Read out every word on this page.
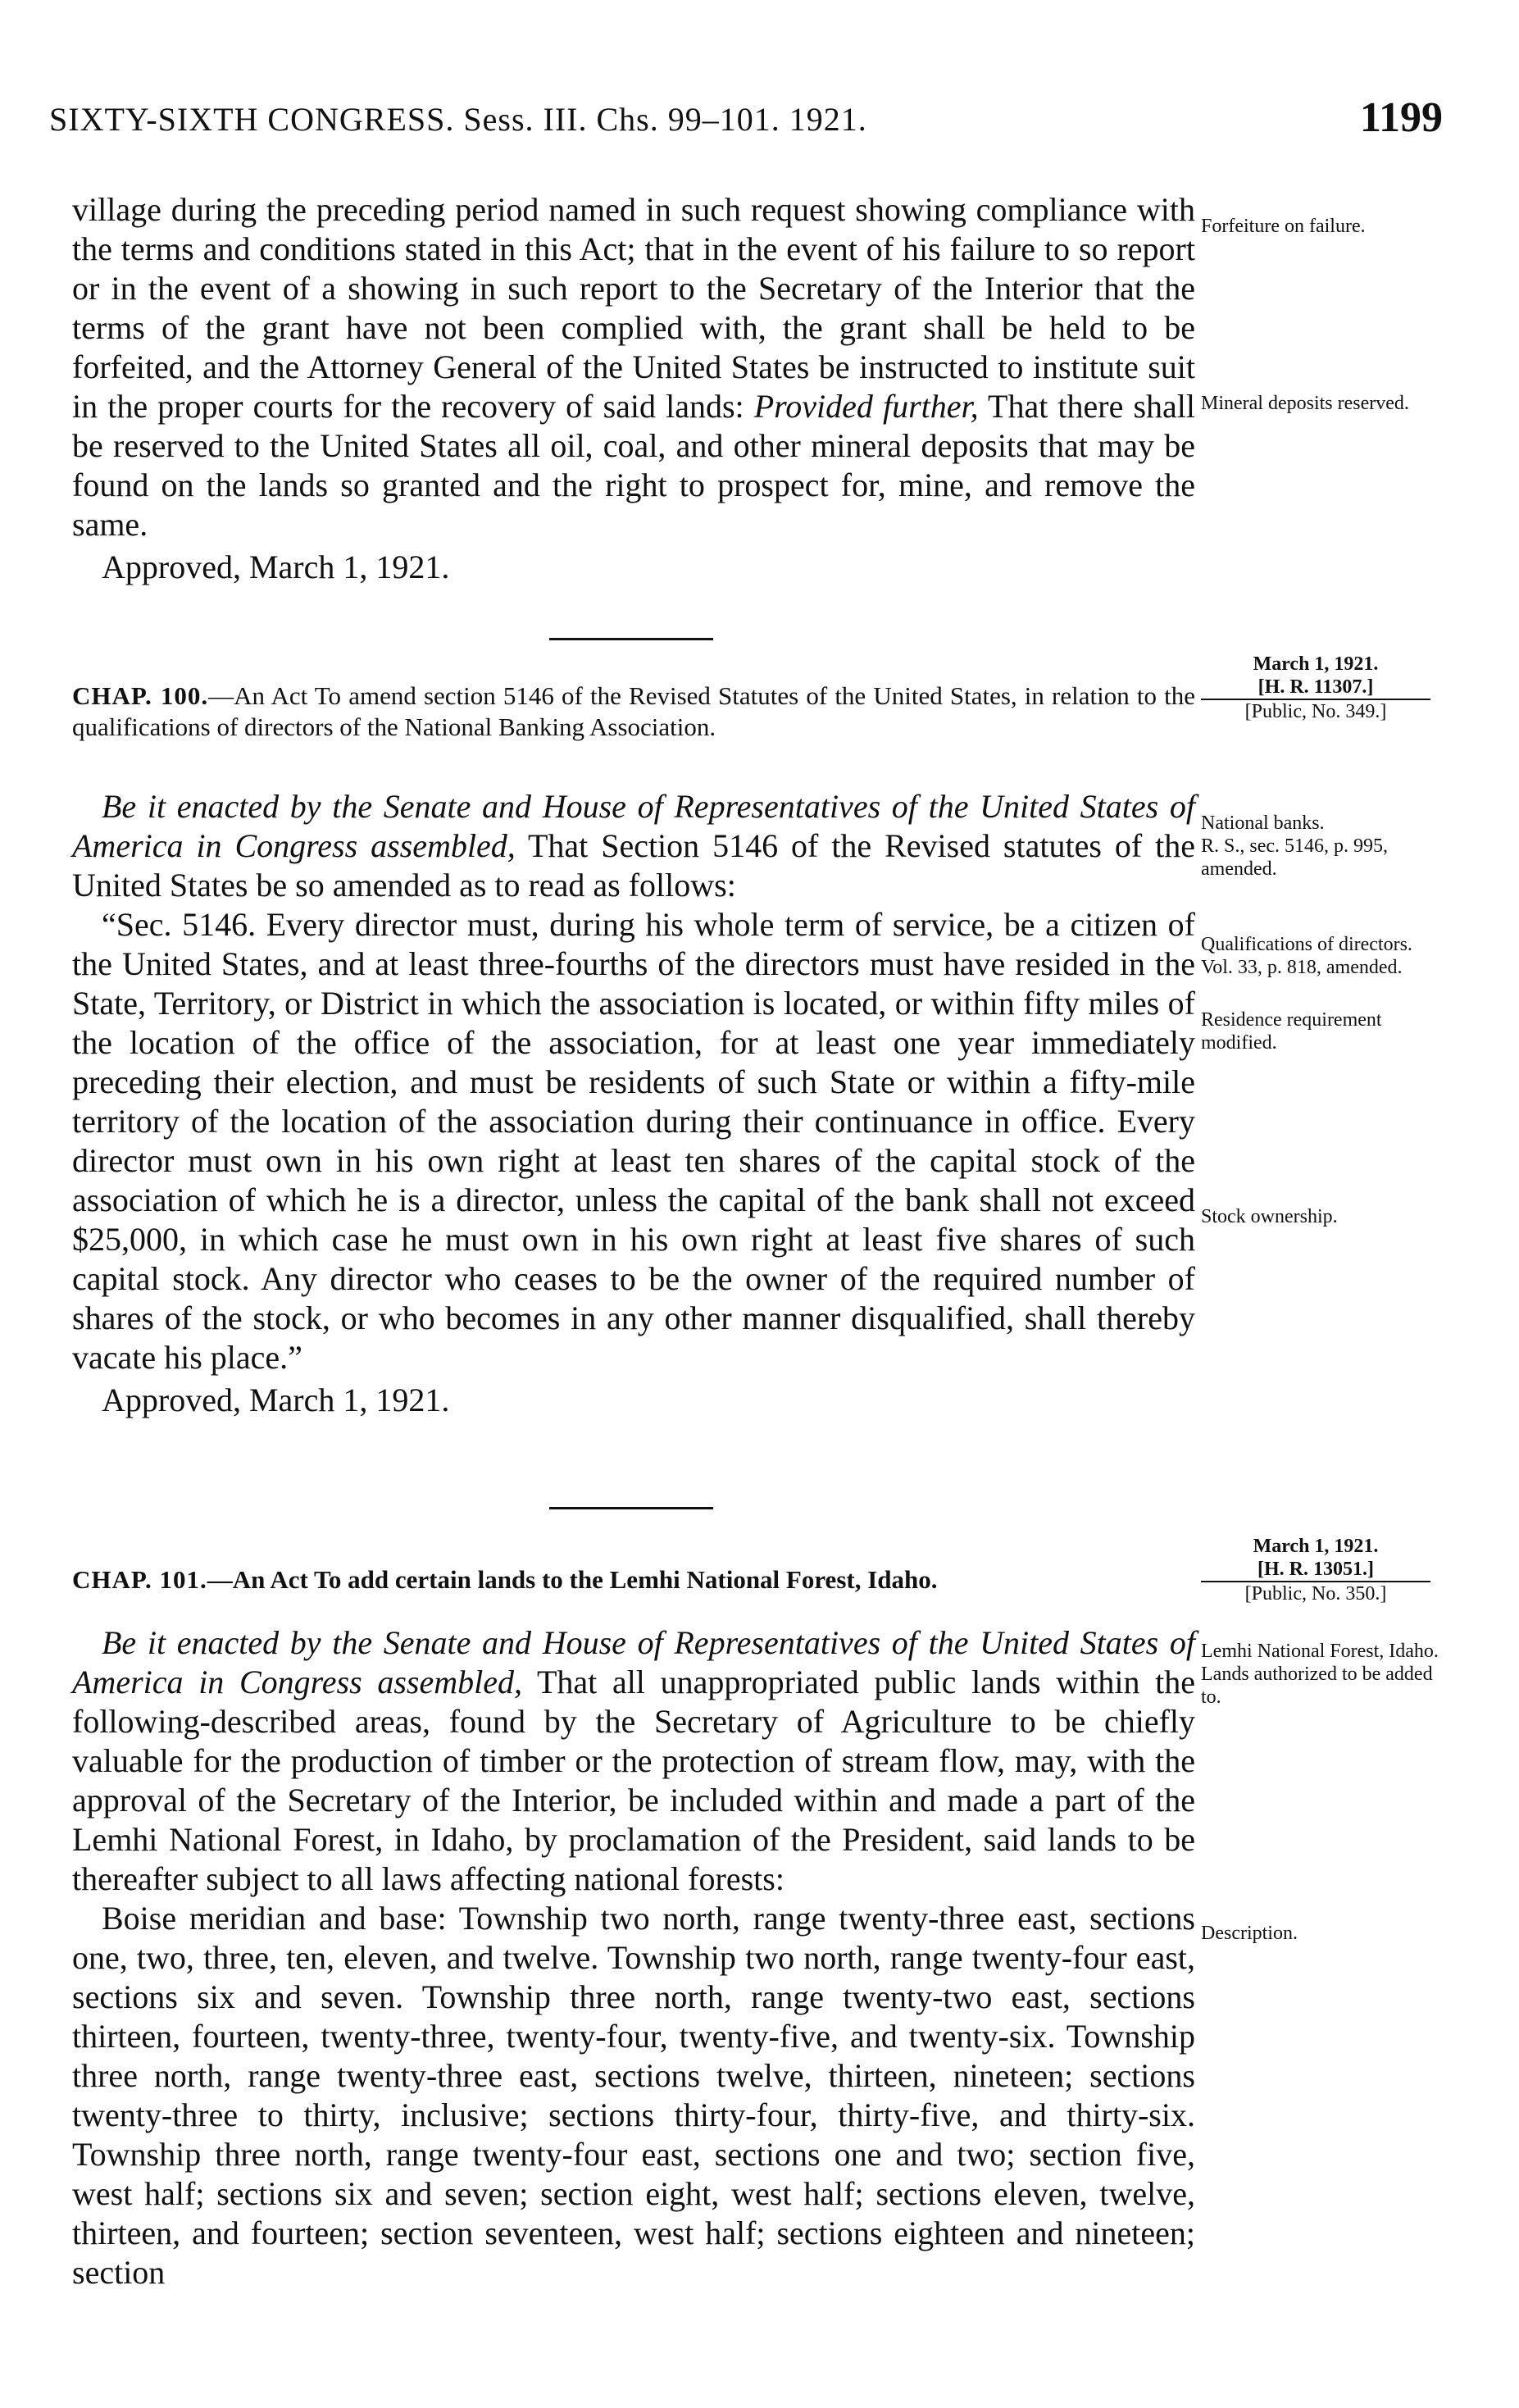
SIXTY-SIXTH CONGRESS. Sess. III. Chs. 99–101. 1921.	1199

village during the preceding period named in such request showing compliance with the terms and conditions stated in this Act; that in the event of his failure to so report or in the event of a showing in such report to the Secretary of the Interior that the terms of the grant have not been complied with, the grant shall be held to be forfeited, and the Attorney General of the United States be instructed to institute suit in the proper courts for the recovery of said lands: Provided further, That there shall be reserved to the United States all oil, coal, and other mineral deposits that may be found on the lands so granted and the right to prospect for, mine, and remove the same.

Approved, March 1, 1921.

Forfeiture on failure.
Mineral deposits reserved.
March 1, 1921.
[H. R. 11307.]
[Public, No. 349.]
CHAP. 100.—An Act To amend section 5146 of the Revised Statutes of the United States, in relation to the qualifications of directors of the National Banking Association.

Be it enacted by the Senate and House of Representatives of the United States of America in Congress assembled, That Section 5146 of the Revised statutes of the United States be so amended as to read as follows:

“Sec. 5146. Every director must, during his whole term of service, be a citizen of the United States, and at least three-fourths of the directors must have resided in the State, Territory, or District in which the association is located, or within fifty miles of the location of the office of the association, for at least one year immediately preceding their election, and must be residents of such State or within a fifty-mile territory of the location of the association during their continuance in office. Every director must own in his own right at least ten shares of the capital stock of the association of which he is a director, unless the capital of the bank shall not exceed $25,000, in which case he must own in his own right at least five shares of such capital stock. Any director who ceases to be the owner of the required number of shares of the stock, or who becomes in any other manner disqualified, shall thereby vacate his place.”

Approved, March 1, 1921.

National banks.
R. S., sec. 5146, p. 995, amended.
Qualifications of directors.
Vol. 33, p. 818, amended.
Residence requirement modified.
Stock ownership.
March 1, 1921.
[H. R. 13051.]
[Public, No. 350.]
CHAP. 101.—An Act To add certain lands to the Lemhi National Forest, Idaho.

Be it enacted by the Senate and House of Representatives of the United States of America in Congress assembled, That all unappropriated public lands within the following-described areas, found by the Secretary of Agriculture to be chiefly valuable for the production of timber or the protection of stream flow, may, with the approval of the Secretary of the Interior, be included within and made a part of the Lemhi National Forest, in Idaho, by proclamation of the President, said lands to be thereafter subject to all laws affecting national forests:

Boise meridian and base: Township two north, range twenty-three east, sections one, two, three, ten, eleven, and twelve. Township two north, range twenty-four east, sections six and seven. Township three north, range twenty-two east, sections thirteen, fourteen, twenty-three, twenty-four, twenty-five, and twenty-six. Township three north, range twenty-three east, sections twelve, thirteen, nineteen; sections twenty-three to thirty, inclusive; sections thirty-four, thirty-five, and thirty-six. Township three north, range twenty-four east, sections one and two; section five, west half; sections six and seven; section eight, west half; sections eleven, twelve, thirteen, and fourteen; section seventeen, west half; sections eighteen and nineteen; section

Lemhi National Forest, Idaho.
Lands authorized to be added to.
Description.
